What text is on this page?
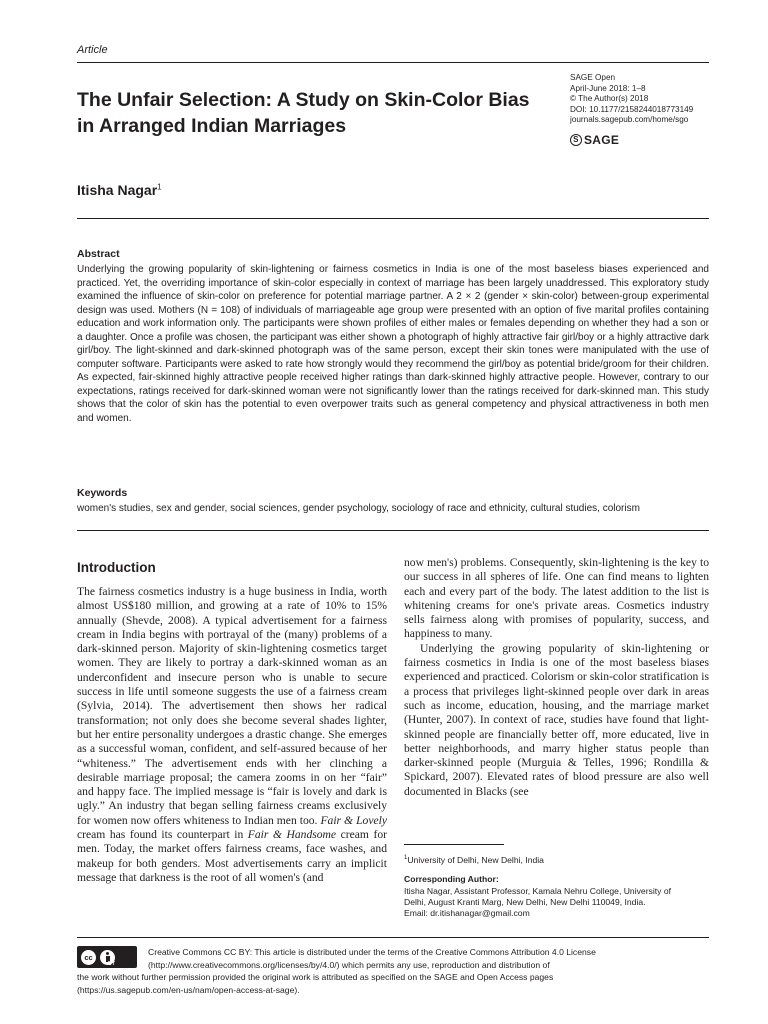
Article
The Unfair Selection: A Study on Skin-Color Bias in Arranged Indian Marriages
SAGE Open
April-June 2018: 1–8
© The Author(s) 2018
DOI: 10.1177/2158244018773149
journals.sagepub.com/home/sgo
S SAGE
Itisha Nagar$^1$
Abstract
Underlying the growing popularity of skin-lightening or fairness cosmetics in India is one of the most baseless biases experienced and practiced. Yet, the overriding importance of skin-color especially in context of marriage has been largely unaddressed. This exploratory study examined the influence of skin-color on preference for potential marriage partner. A 2 × 2 (gender × skin-color) between-group experimental design was used. Mothers (N = 108) of individuals of marriageable age group were presented with an option of five marital profiles containing education and work information only. The participants were shown profiles of either males or females depending on whether they had a son or a daughter. Once a profile was chosen, the participant was either shown a photograph of highly attractive fair girl/boy or a highly attractive dark girl/boy. The light-skinned and dark-skinned photograph was of the same person, except their skin tones were manipulated with the use of computer software. Participants were asked to rate how strongly would they recommend the girl/boy as potential bride/groom for their children. As expected, fair-skinned highly attractive people received higher ratings than dark-skinned highly attractive people. However, contrary to our expectations, ratings received for dark-skinned woman were not significantly lower than the ratings received for dark-skinned man. This study shows that the color of skin has the potential to even overpower traits such as general competency and physical attractiveness in both men and women.
Keywords
women's studies, sex and gender, social sciences, gender psychology, sociology of race and ethnicity, cultural studies, colorism
Introduction

The fairness cosmetics industry is a huge business in India, worth almost US$180 million, and growing at a rate of 10% to 15% annually (Shevde, 2008). A typical advertisement for a fairness cream in India begins with portrayal of the (many) problems of a dark-skinned person. Majority of skin-lightening cosmetics target women. They are likely to portray a dark-skinned woman as an underconfident and insecure person who is unable to secure success in life until someone suggests the use of a fairness cream (Sylvia, 2014). The advertisement then shows her radical transformation; not only does she become several shades lighter, but her entire personality undergoes a drastic change. She emerges as a successful woman, confident, and self-assured because of her “whiteness.” The advertisement ends with her clinching a desirable marriage proposal; the camera zooms in on her “fair” and happy face. The implied message is “fair is lovely and dark is ugly.” An industry that began selling fairness creams exclusively for women now offers whiteness to Indian men too. Fair & Lovely cream has found its counterpart in Fair & Handsome cream for men. Today, the market offers fairness creams, face washes, and makeup for both genders. Most advertisements carry an implicit message that darkness is the root of all women's (and

now men's) problems. Consequently, skin-lightening is the key to our success in all spheres of life. One can find means to lighten each and every part of the body. The latest addition to the list is whitening creams for one's private areas. Cosmetics industry sells fairness along with promises of popularity, success, and happiness to many.

Underlying the growing popularity of skin-lightening or fairness cosmetics in India is one of the most baseless biases experienced and practiced. Colorism or skin-color stratification is a process that privileges light-skinned people over dark in areas such as income, education, housing, and the marriage market (Hunter, 2007). In context of race, studies have found that light-skinned people are financially better off, more educated, live in better neighborhoods, and marry higher status people than darker-skinned people (Murguia & Telles, 1996; Rondilla & Spickard, 2007). Elevated rates of blood pressure are also well documented in Blacks (see

$^1$University of Delhi, New Delhi, India
Corresponding Author:
Itisha Nagar, Assistant Professor, Kamala Nehru College, University of
Delhi, August Kranti Marg, New Delhi, New Delhi 110049, India.
Email: dr.itishanagar@gmail.com
cc
BY
Creative Commons CC BY: This article is distributed under the terms of the Creative Commons Attribution 4.0 License
(http://www.creativecommons.org/licenses/by/4.0/) which permits any use, reproduction and distribution of
the work without further permission provided the original work is attributed as specified on the SAGE and Open Access pages
(https://us.sagepub.com/en-us/nam/open-access-at-sage).
